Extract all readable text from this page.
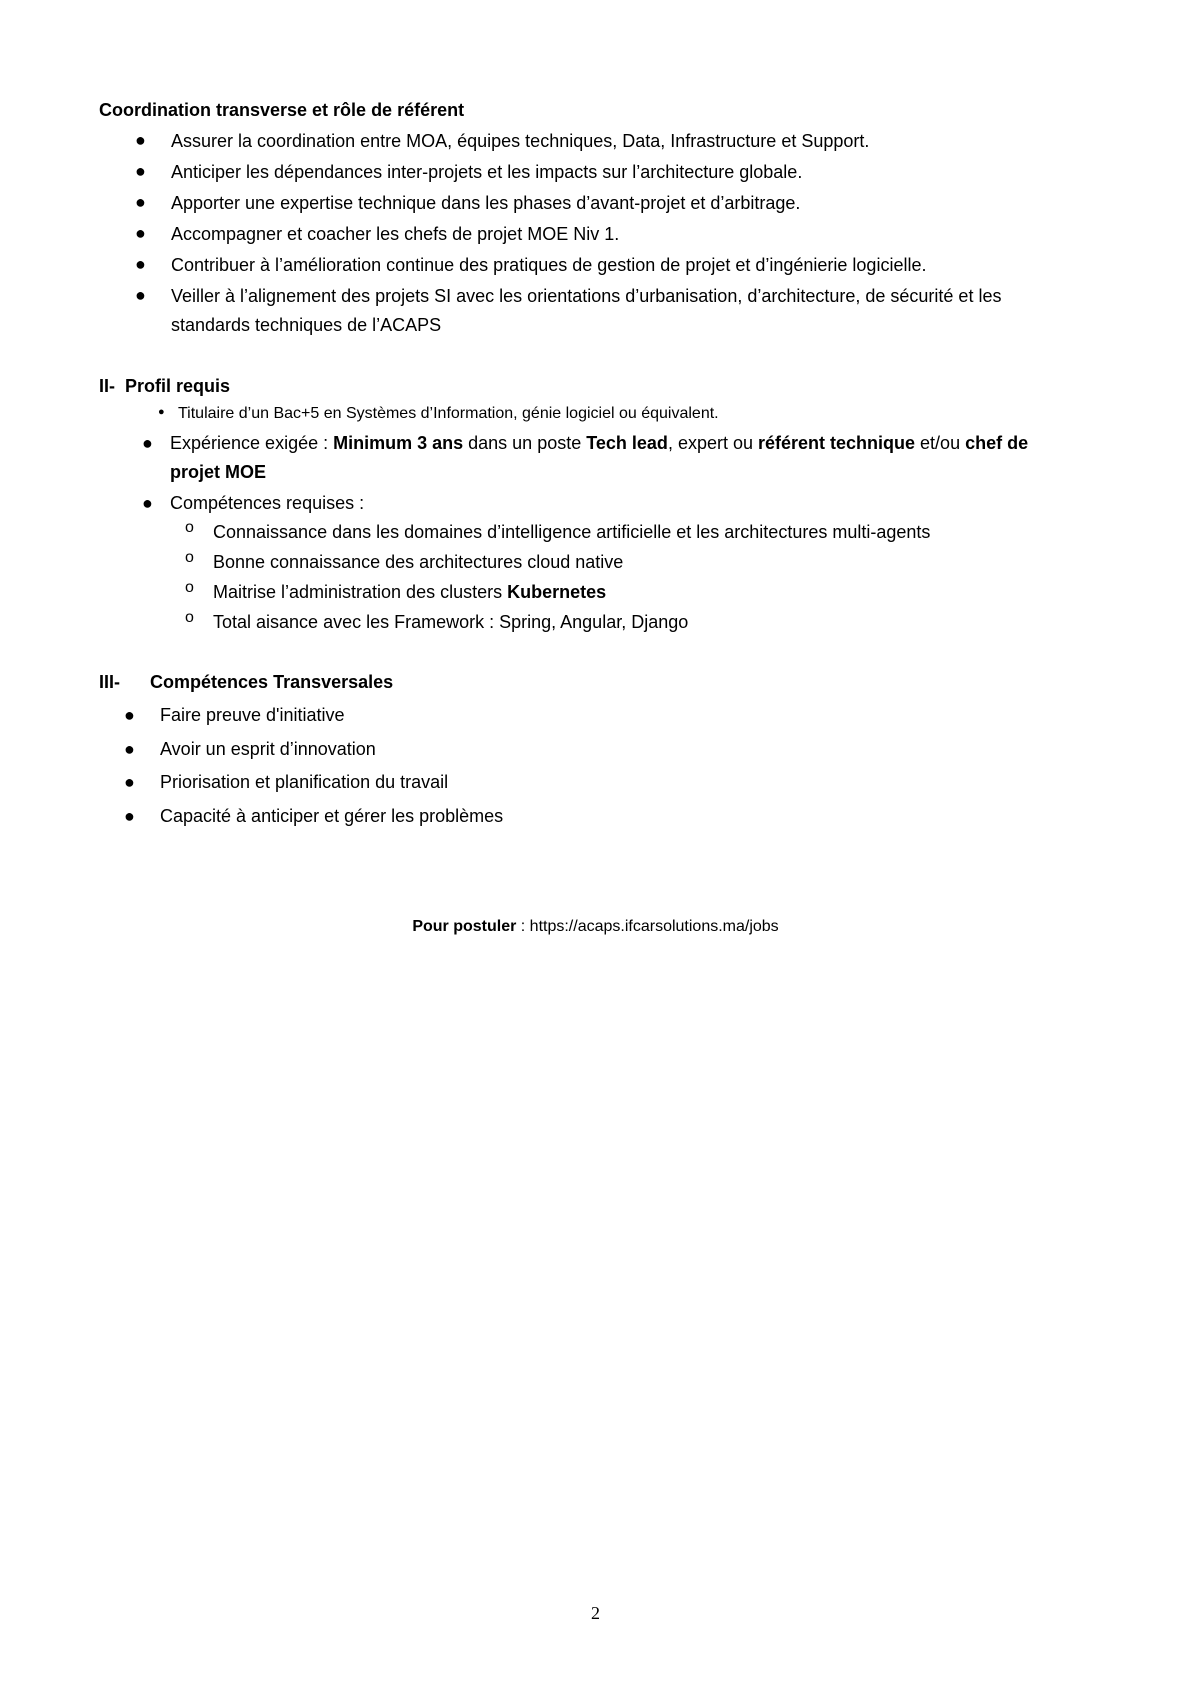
Coordination transverse et rôle de référent
● Assurer la coordination entre MOA, équipes techniques, Data, Infrastructure et Support.
● Anticiper les dépendances inter-projets et les impacts sur l’architecture globale.
● Apporter une expertise technique dans les phases d’avant-projet et d’arbitrage.
● Accompagner et coacher les chefs de projet MOE Niv 1.
● Contribuer à l’amélioration continue des pratiques de gestion de projet et d’ingénierie logicielle.
● Veiller à l’alignement des projets SI avec les orientations d’urbanisation, d’architecture, de sécurité et les
standards techniques de l’ACAPS
II- Profil requis
● Titulaire d’un Bac+5 en Systèmes d’Information, génie logiciel ou équivalent.
● Expérience exigée : Minimum 3 ans dans un poste Tech lead, expert ou référent technique et/ou chef de
projet MOE
● Compétences requises :
o Connaissance dans les domaines d’intelligence artificielle et les architectures multi-agents
o Bonne connaissance des architectures cloud native
o Maitrise l’administration des clusters Kubernetes
o Total aisance avec les Framework : Spring, Angular, Django
III- Compétences Transversales
● Faire preuve d'initiative
● Avoir un esprit d’innovation
● Priorisation et planification du travail
● Capacité à anticiper et gérer les problèmes
Pour postuler : https://acaps.ifcarsolutions.ma/jobs
2
